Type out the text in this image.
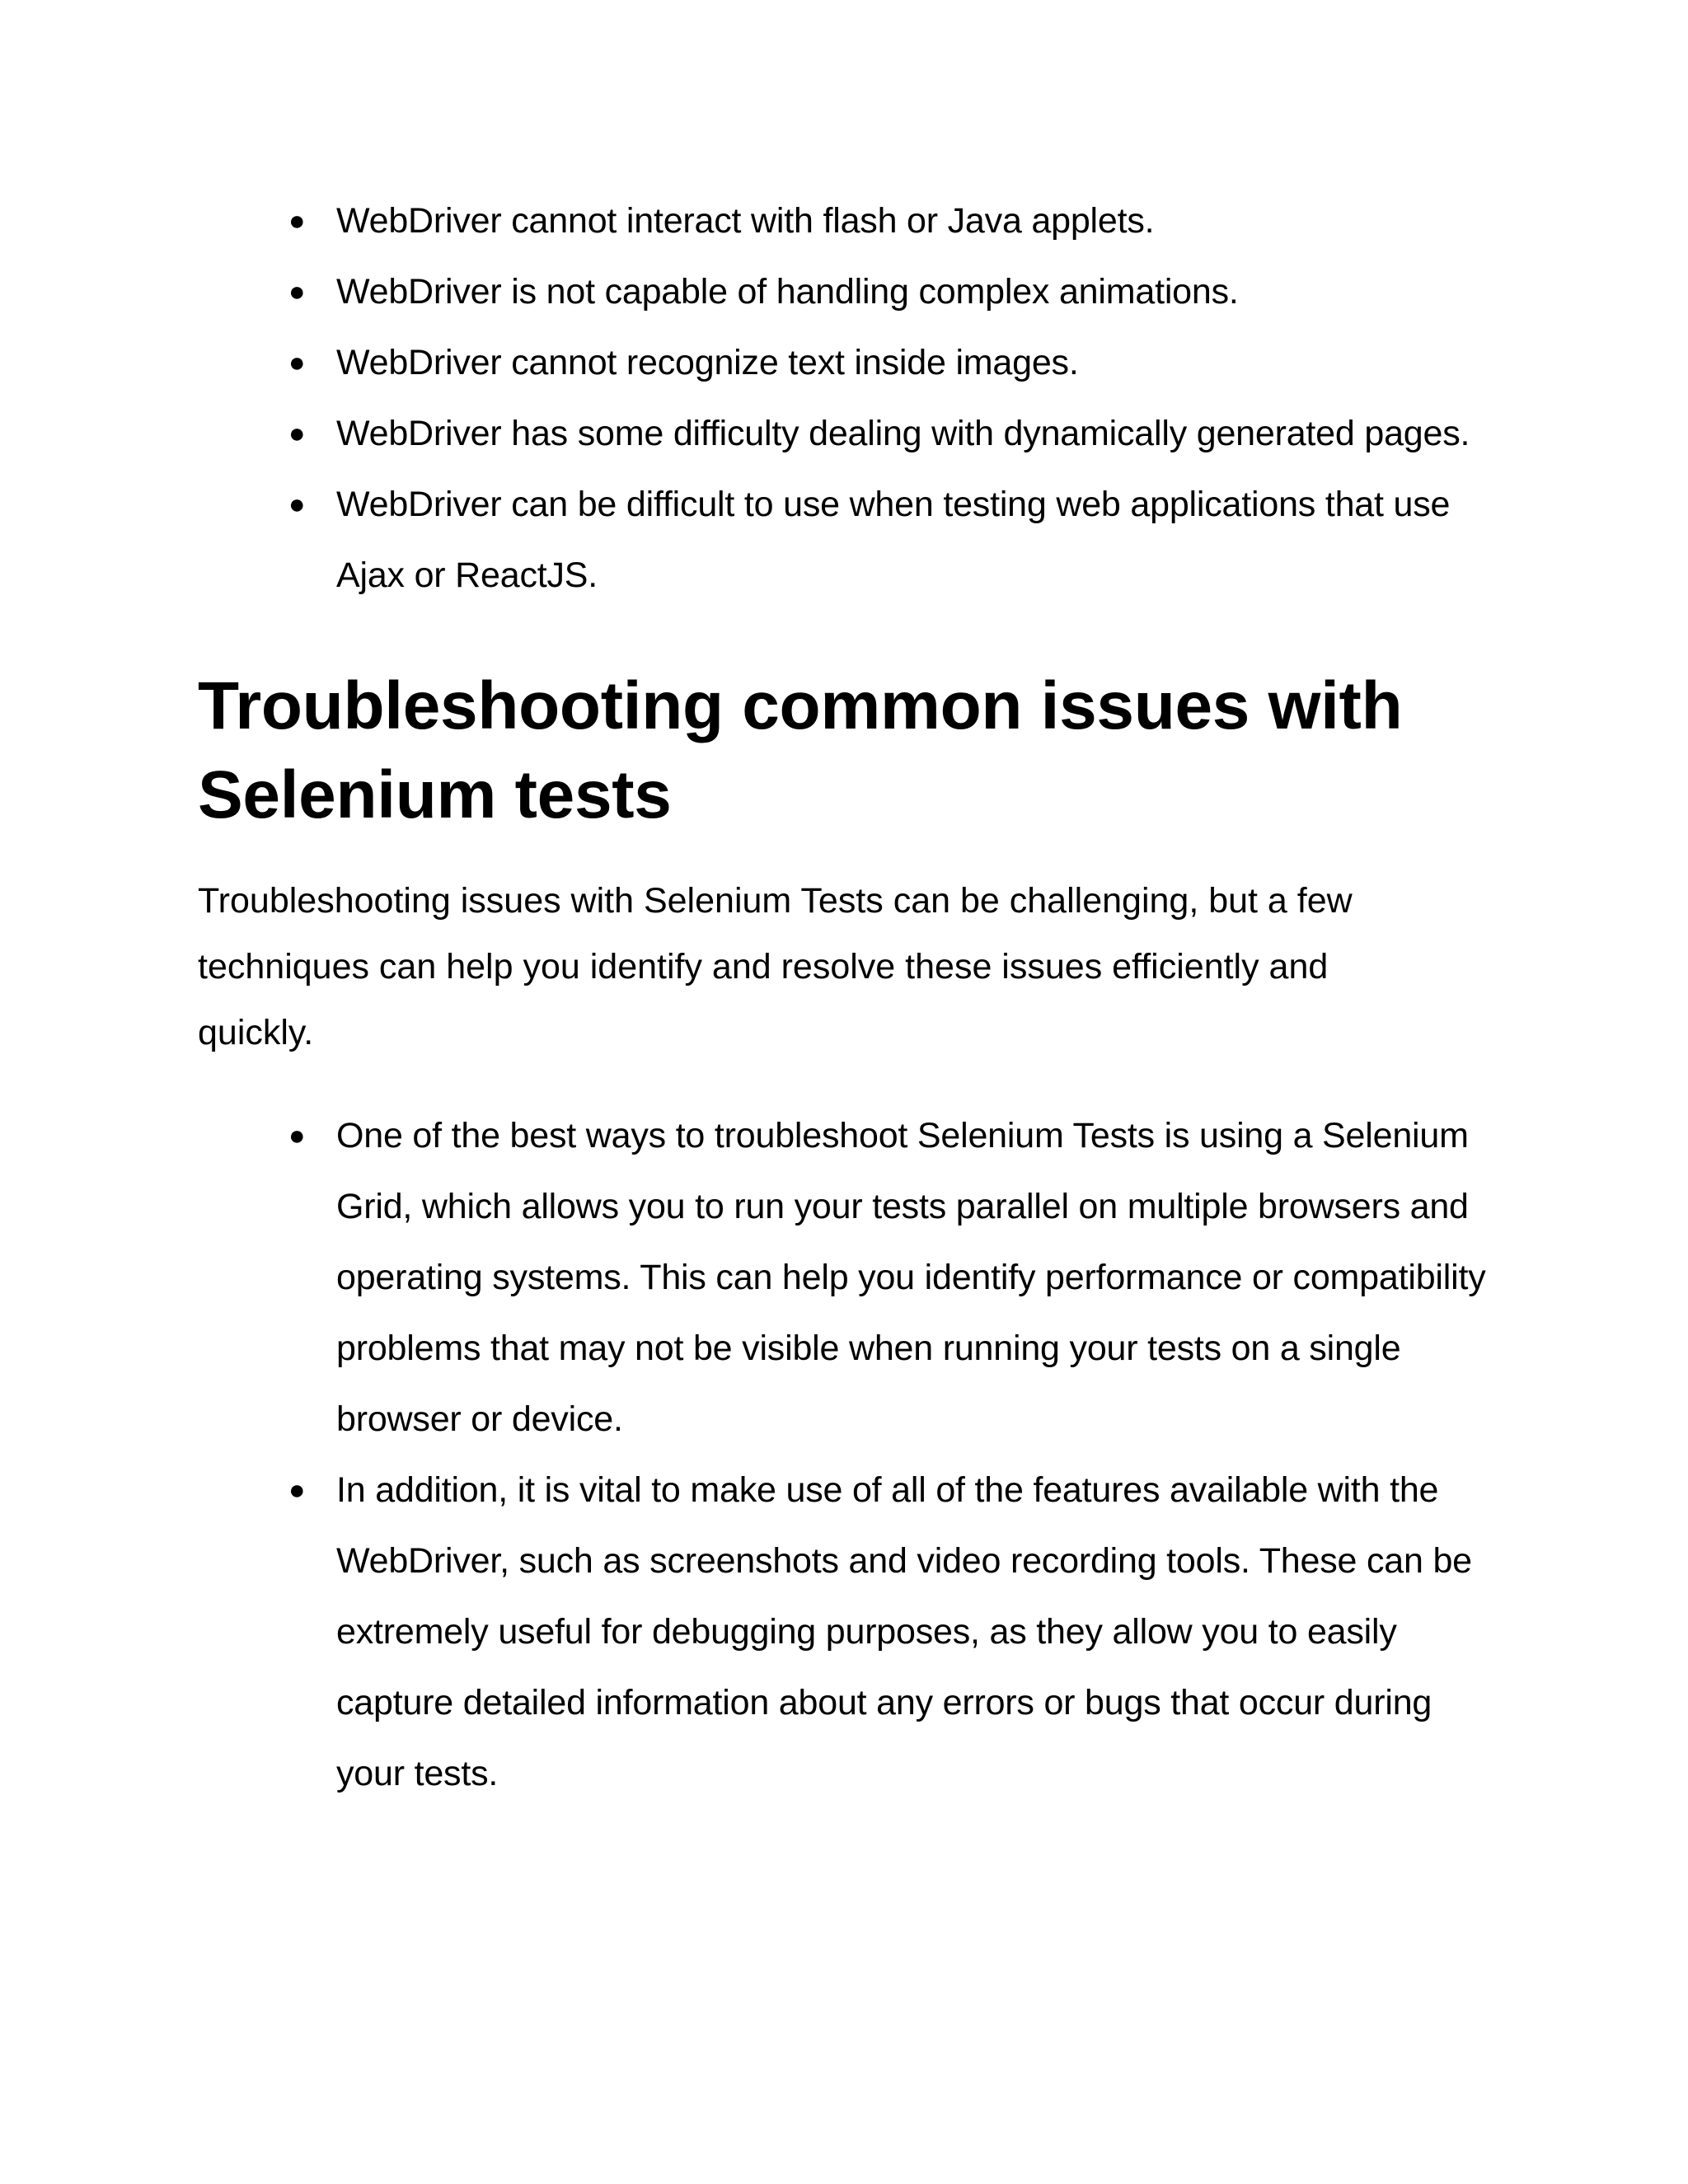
● WebDriver cannot interact with flash or Java applets.
● WebDriver is not capable of handling complex animations.
● WebDriver cannot recognize text inside images.
● WebDriver has some difficulty dealing with dynamically generated pages.
● WebDriver can be difficult to use when testing web applications that use Ajax or ReactJS.
Troubleshooting common issues with Selenium tests

Troubleshooting issues with Selenium Tests can be challenging, but a few techniques can help you identify and resolve these issues efficiently and quickly.

● One of the best ways to troubleshoot Selenium Tests is using a Selenium Grid, which allows you to run your tests parallel on multiple browsers and operating systems. This can help you identify performance or compatibility problems that may not be visible when running your tests on a single browser or device.
● In addition, it is vital to make use of all of the features available with the WebDriver, such as screenshots and video recording tools. These can be extremely useful for debugging purposes, as they allow you to easily capture detailed information about any errors or bugs that occur during your tests.
